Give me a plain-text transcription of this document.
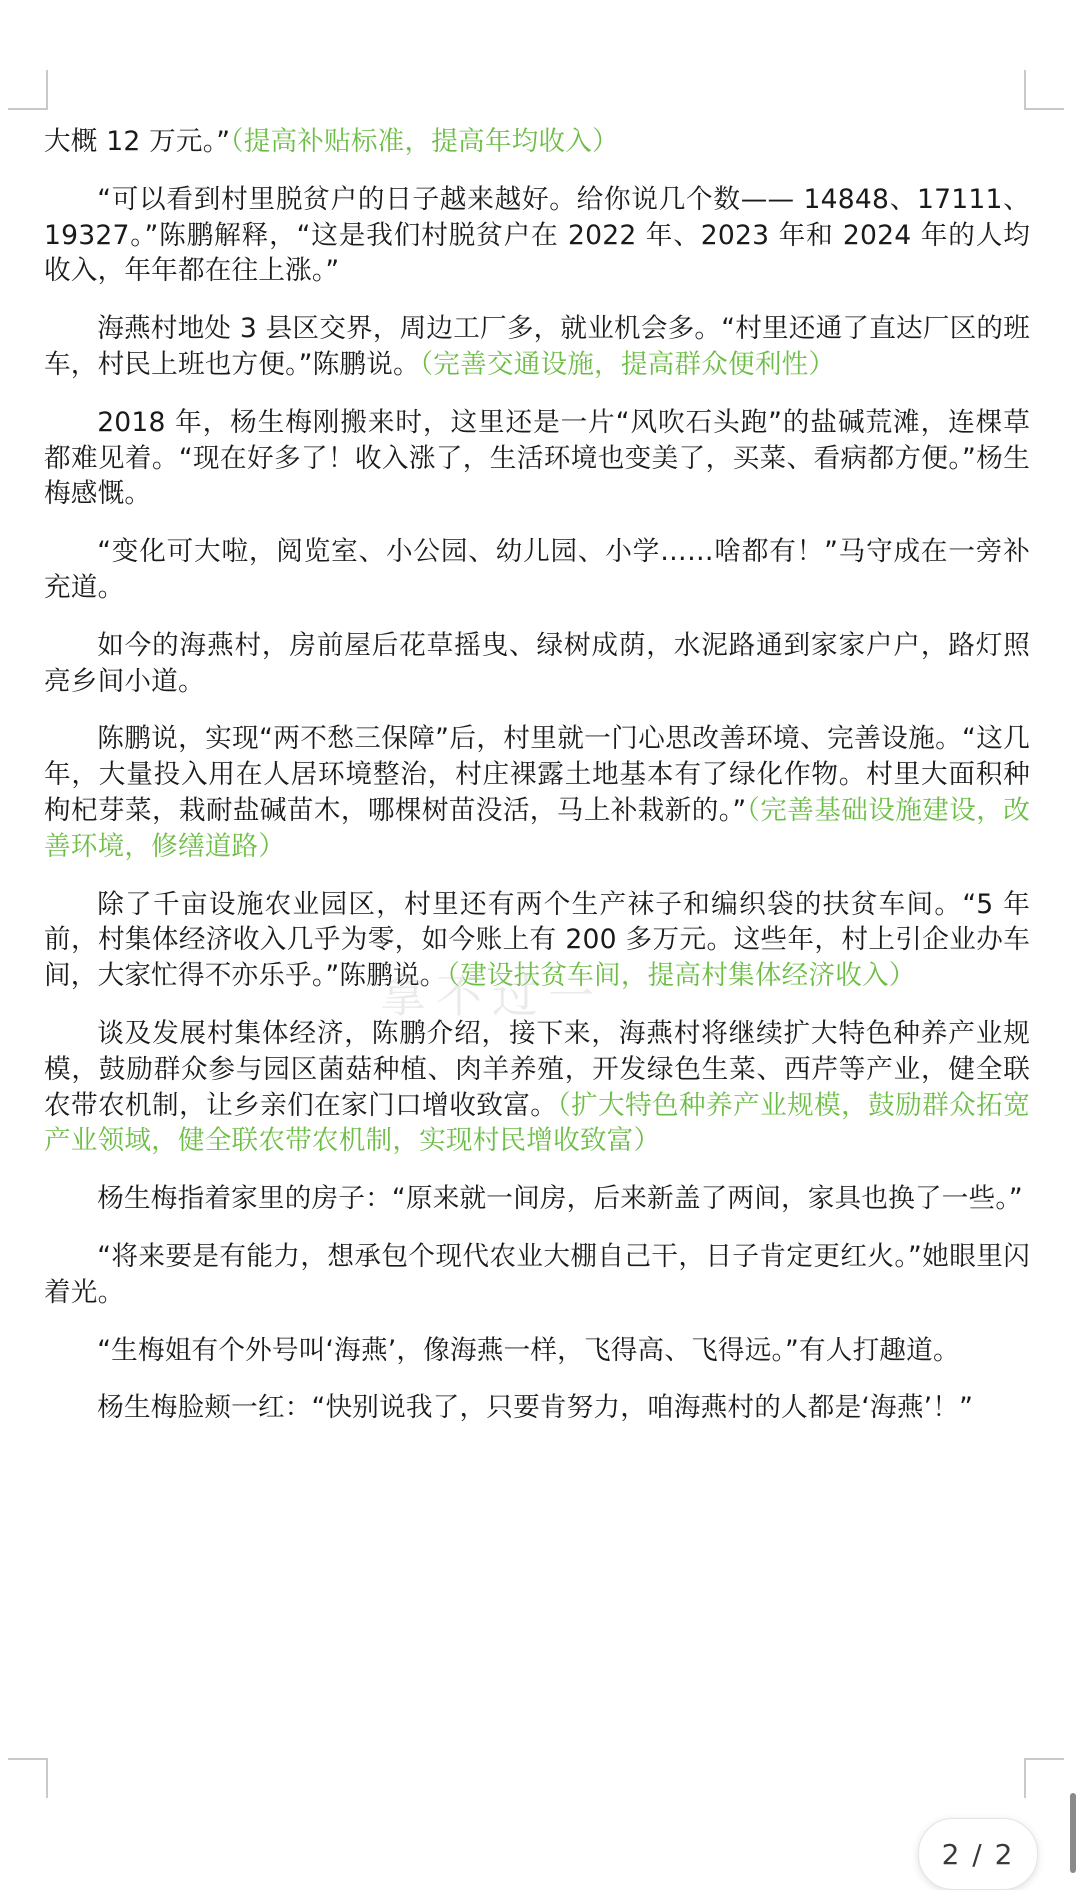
大概 12 万元。”（提高补贴标准，提高年均收入）

“可以看到村里脱贫户的日子越来越好。给你说几个数—— 14848、17111、19327。”陈鹏解释，“这是我们村脱贫户在 2022 年、2023 年和 2024 年的人均收入，年年都在往上涨。”

海燕村地处 3 县区交界，周边工厂多，就业机会多。“村里还通了直达厂区的班车，村民上班也方便。”陈鹏说。（完善交通设施，提高群众便利性）

2018 年，杨生梅刚搬来时，这里还是一片“风吹石头跑”的盐碱荒滩，连棵草都难见着。“现在好多了！收入涨了，生活环境也变美了，买菜、看病都方便。”杨生梅感慨。

“变化可大啦，阅览室、小公园、幼儿园、小学……啥都有！”马守成在一旁补充道。

如今的海燕村，房前屋后花草摇曳、绿树成荫，水泥路通到家家户户，路灯照亮乡间小道。

陈鹏说，实现“两不愁三保障”后，村里就一门心思改善环境、完善设施。“这几年，大量投入用在人居环境整治，村庄裸露土地基本有了绿化作物。村里大面积种枸杞芽菜，栽耐盐碱苗木，哪棵树苗没活，马上补栽新的。”（完善基础设施建设，改善环境，修缮道路）

除了千亩设施农业园区，村里还有两个生产袜子和编织袋的扶贫车间。“5 年前，村集体经济收入几乎为零，如今账上有 200 多万元。这些年，村上引企业办车间，大家忙得不亦乐乎。”陈鹏说。（建设扶贫车间，提高村集体经济收入）

谈及发展村集体经济，陈鹏介绍，接下来，海燕村将继续扩大特色种养产业规模，鼓励群众参与园区菌菇种植、肉羊养殖，开发绿色生菜、西芹等产业，健全联农带农机制，让乡亲们在家门口增收致富。（扩大特色种养产业规模，鼓励群众拓宽产业领域，健全联农带农机制，实现村民增收致富）

杨生梅指着家里的房子：“原来就一间房，后来新盖了两间，家具也换了一些。”

“将来要是有能力，想承包个现代农业大棚自己干，日子肯定更红火。”她眼里闪着光。

“生梅姐有个外号叫‘海燕’，像海燕一样，飞得高、飞得远。”有人打趣道。

杨生梅脸颊一红：“快别说我了，只要肯努力，咱海燕村的人都是‘海燕’！”

拿不过一
2 / 2
